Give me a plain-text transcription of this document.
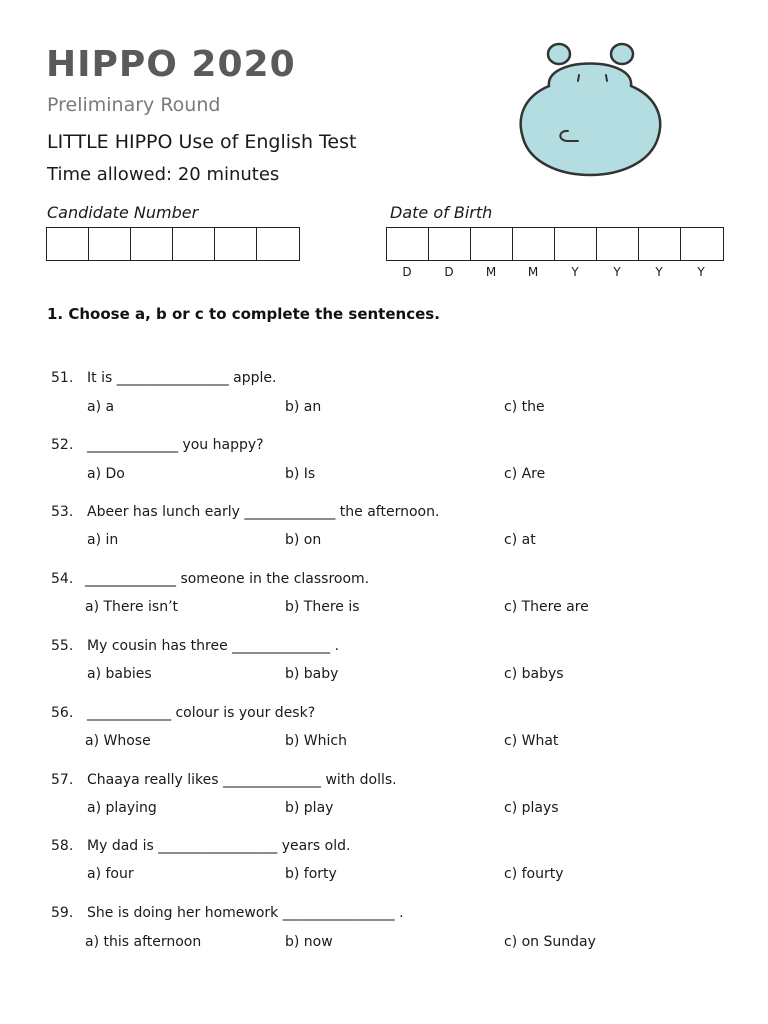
HIPPO 2020
Preliminary Round
LITTLE HIPPO Use of English Test
Time allowed: 20 minutes
Candidate Number	Date of Birth
D	D	M	M	Y	Y	Y	Y
1. Choose a, b or c to complete the sentences.
51. It is ________________ apple.
a) a	b) an	c) the
52. _____________ you happy?
a) Do	b) Is	c) Are
53. Abeer has lunch early _____________ the afternoon.
a) in	b) on	c) at
54. _____________ someone in the classroom.
a) There isn’t	b) There is	c) There are
55. My cousin has three ______________ .
a) babies	b) baby	c) babys
56. ____________ colour is your desk?
a) Whose	b) Which	c) What
57. Chaaya really likes ______________ with dolls.
a) playing	b) play	c) plays
58. My dad is _________________ years old.
a) four	b) forty	c) fourty
59. She is doing her homework ________________ .
a) this afternoon	b) now	c) on Sunday
